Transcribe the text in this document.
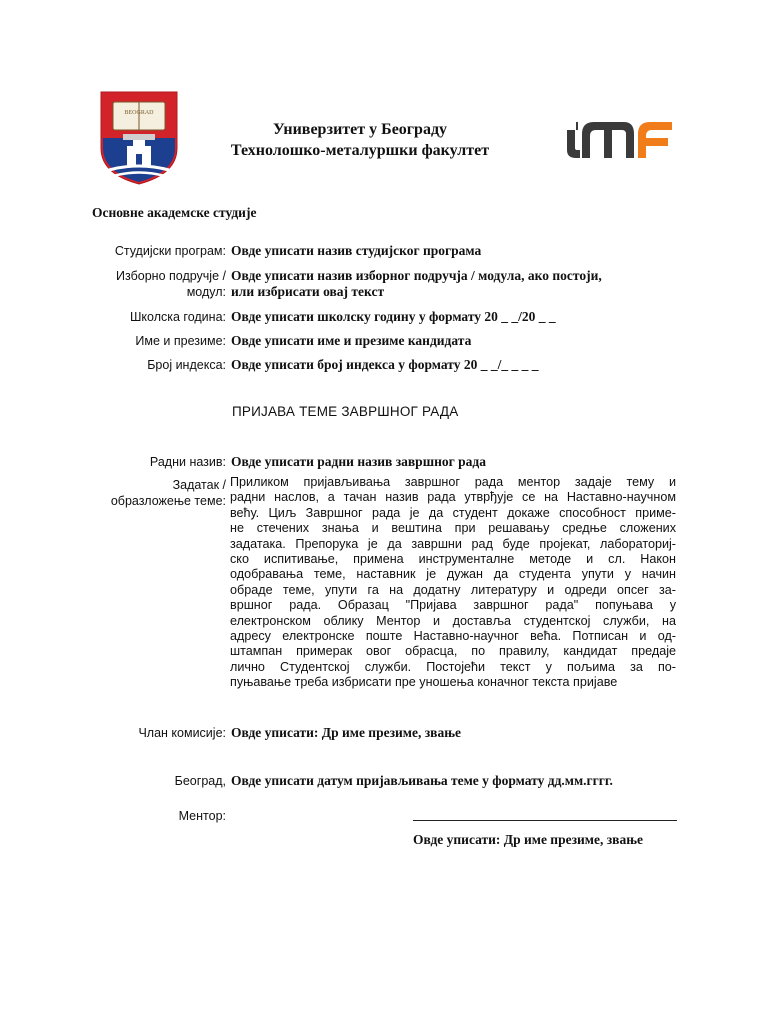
BEOGRAD
Универзитет у Београду
Технолошко-металуршки факултет
Основне академске студије
Студијски програм: Овде уписати назив студијског програма
Изборно подручје /
модул:
Овде уписати назив изборног подручја / модула, ако постоји,
или избрисати овај текст
Школска година: Овде уписати школску годину у формату 20 _ _/20 _ _
Име и презиме: Овде уписати име и презиме кандидата
Број индекса: Овде уписати број индекса у формату 20 _ _/_ _ _ _
ПРИЈАВА ТЕМЕ ЗАВРШНОГ РАДА
Радни назив: Овде уписати радни назив завршног рада
Задатак /
образложење теме:
Приликом пријављивања завршног рада ментор задаје тему и
радни наслов, а тачан назив рада утврђује се на Наставно-научном
већу. Циљ Завршног рада је да студент докаже способност приме-
не стечених знања и вештина при решавању средње сложених
задатака. Препорука је да завршни рад буде пројекат, лабораториј-
ско испитивање, примена инструменталне методе и сл. Након
одобравања теме, наставник је дужан да студента упути у начин
обраде теме, упути га на додатну литературу и одреди опсег за-
вршног рада. Образац "Пријава завршног рада" попуњава у
електронском облику Ментор и доставља студентској служби, на
адресу електронске поште Наставно-научног већа. Потписан и од-
штампан примерак овог обрасца, по правилу, кандидат предаје
лично Студентској служби. Постојећи текст у пољима за по-
пуњавање треба избрисати пре уношења коначног текста пријаве
Члан комисије: Овде уписати: Др име презиме, звање
Београд, Овде уписати датум пријављивања теме у формату дд.мм.гггг.
Ментор:
Овде уписати: Др име презиме, звање
